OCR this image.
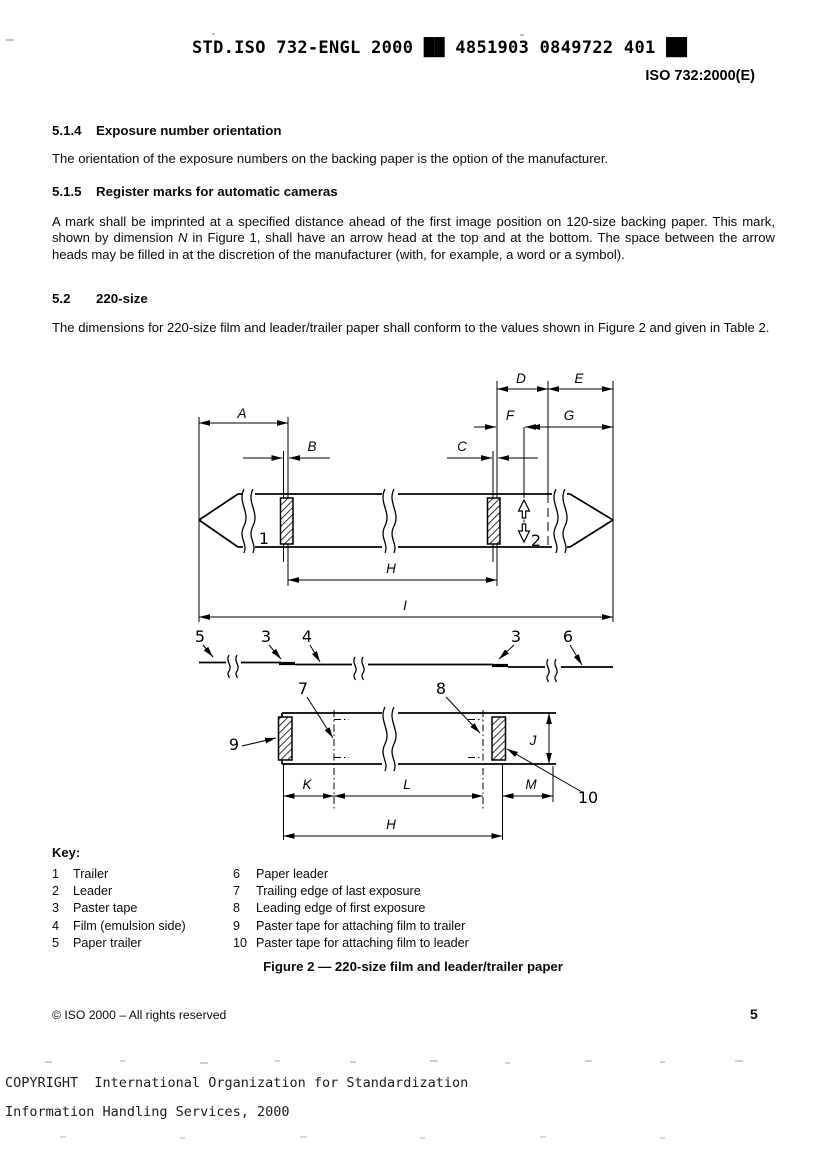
STD.ISO 732-ENGL 2000 ██ 4851903 0849722 401 ██
ISO 732:2000(E)
5.1.4 Exposure number orientation

The orientation of the exposure numbers on the backing paper is the option of the manufacturer.

5.1.5 Register marks for automatic cameras

A mark shall be imprinted at a specified distance ahead of the first image position on 120-size backing paper. This mark, shown by dimension N in Figure 1, shall have an arrow head at the top and at the bottom. The space between the arrow heads may be filled in at the discretion of the manufacturer (with, for example, a word or a symbol).

5.2 220-size

The dimensions for 220-size film and leader/trailer paper shall conform to the values shown in Figure 2 and given in Table 2.

A
B	C
D	E
F	G
H
I
1	2
5	3 4	3	6
7	8
9
10
J
K	L	M
H
Key:
1 Trailer
2 Leader
3 Paster tape
4 Film (emulsion side)
5 Paper trailer
6 Paper leader
7 Trailing edge of last exposure
8 Leading edge of first exposure
9 Paster tape for attaching film to trailer
10 Paster tape for attaching film to leader
Figure 2 — 220-size film and leader/trailer paper
© ISO 2000 – All rights reserved	5
COPYRIGHT  International Organization for Standardization
Information Handling Services, 2000
